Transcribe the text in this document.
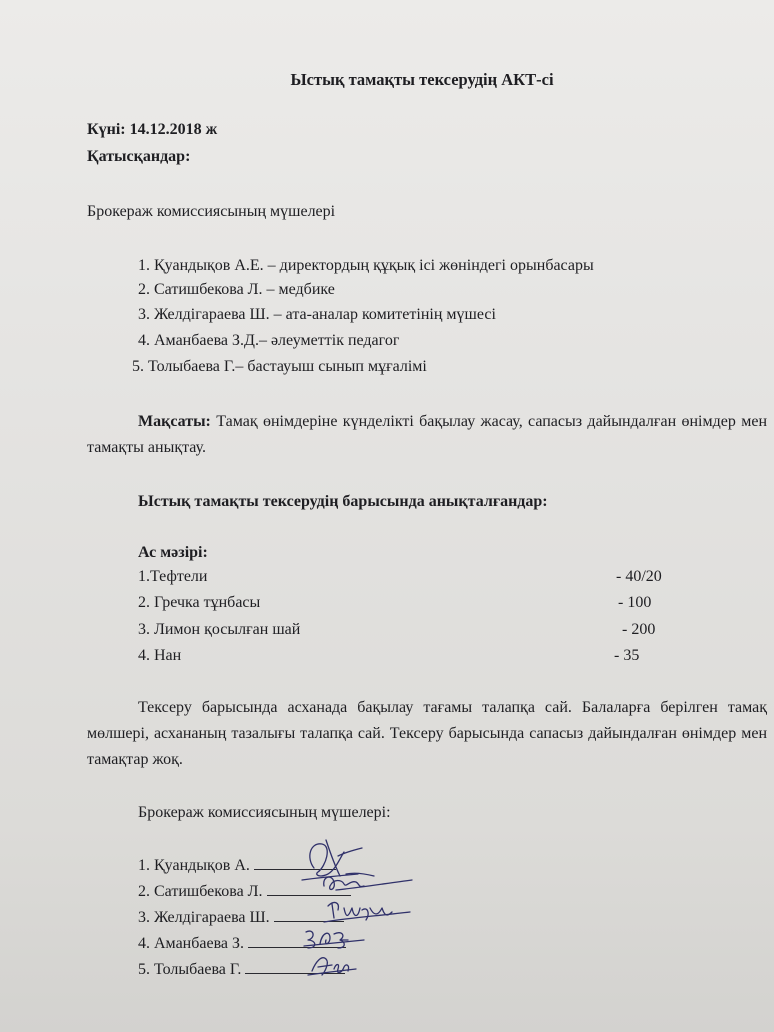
Ыстық тамақты тексерудің АКТ-сі
Күні: 14.12.2018 ж
Қатысқандар:
Брокераж комиссиясының мүшелері
1. Қуандықов А.Е. – директордың құқық ісі жөніндегі орынбасары
2. Сатишбекова Л. – медбике
3. Желдігараева Ш. – ата-аналар комитетінің мүшесі
4. Аманбаева З.Д.– әлеуметтік педагог
5. Толыбаева Г.– бастауыш сынып мұғалімі
Мақсаты: Тамақ өнімдеріне күнделікті бақылау жасау, сапасыз дайындалған өнімдер мен тамақты анықтау.
Ыстық тамақты тексерудің барысында анықталғандар:
Ас мәзірі:
1.Тефтели	- 40/20
2. Гречка тұнбасы	- 100
3. Лимон қосылған шай	- 200
4. Нан	- 35
Тексеру барысында асханада бақылау тағамы талапқа сай. Балаларға берілген тамақ мөлшері, асхананың тазалығы талапқа сай. Тексеру барысында сапасыз дайындалған өнімдер мен тамақтар жоқ.
Брокераж комиссиясының мүшелері:
1. Қуандықов А.
2. Сатишбекова Л.
3. Желдігараева Ш.
4. Аманбаева З.
5. Толыбаева Г.
